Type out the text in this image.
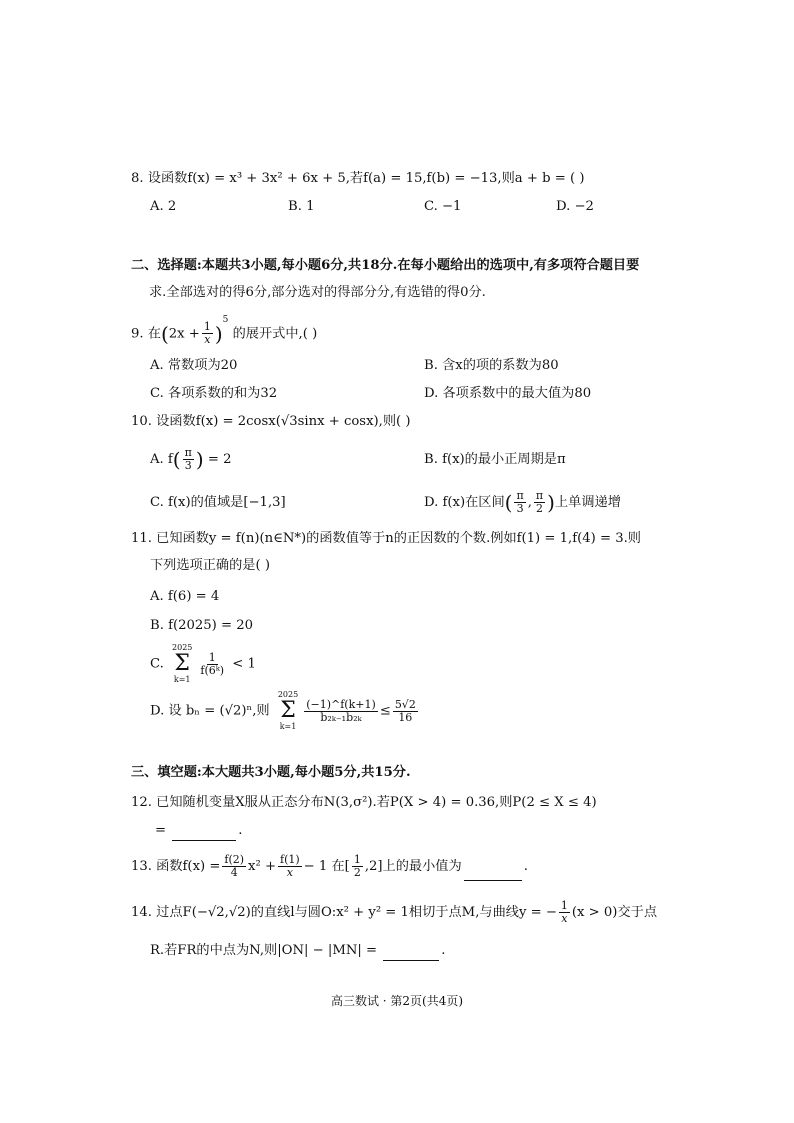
8. 设函数f(x) = x³ + 3x² + 6x + 5,若f(a) = 15,f(b) = −13,则a + b = ( )
A. 2	B. 1	C. −1	D. −2
二、选择题:本题共3小题,每小题6分,共18分.在每小题给出的选项中,有多项符合题目要
求.全部选对的得6分,部分选对的得部分分,有选错的得0分.
9. 在$(2x + \frac{1}{x} )^5$ 的展开式中,( )
A. 常数项为20	B. 含x的项的系数为80
C. 各项系数的和为32	D. 各项系数中的最大值为80
10. 设函数f(x) = 2cosx(√3sinx + cosx),则( )
A. $f( \frac{\pi}{3}$ ) = 2	B. f(x)的最小正周期是π
C. f(x)的值域是[−1,3]	D. f(x)在区间( $\frac{\pi}{3}$ , $\frac{\pi}{2}$ )上单调递增
11. 已知函数y = f(n)(n∈N*)的函数值等于n的正因数的个数.例如f(1) = 1,f(4) = 3.则
下列选项正确的是( )
A. f(6) = 4
B. f(2025) = 20
C.
2025
Σ
k=1
$\frac{1}{\text{f(6ᵏ)}} < 1$
D. 设 bₙ = (√2)ⁿ,则
2025
Σ
k=1
$\frac{(-1)\^{}f(k+1)}{\text{b₂ₖ₋₁b₂ₖ}} \le \frac{5√2}{16}$
三、填空题:本大题共3小题,每小题5分,共15分.
12. 已知随机变量X服从正态分布N(3,σ²).若P(X > 4) = 0.36,则P(2 ≤ X ≤ 4)
=	.
13. 函数$f(x) = \frac{f(2)}{4} x^2 + \frac{f(1)}{x} - 1$ 在[ $\frac{1}{2} ,2$]上的最小值为	.
14. 过点F(−√2,√2)的直线l与圆O:x² + y² = 1相切于点M,与曲线y = − $\frac{1}{x} (x > 0)$交于点
R.若FR的中点为N,则|ON| − |MN| =	.
高三数试 · 第2页(共4页)
